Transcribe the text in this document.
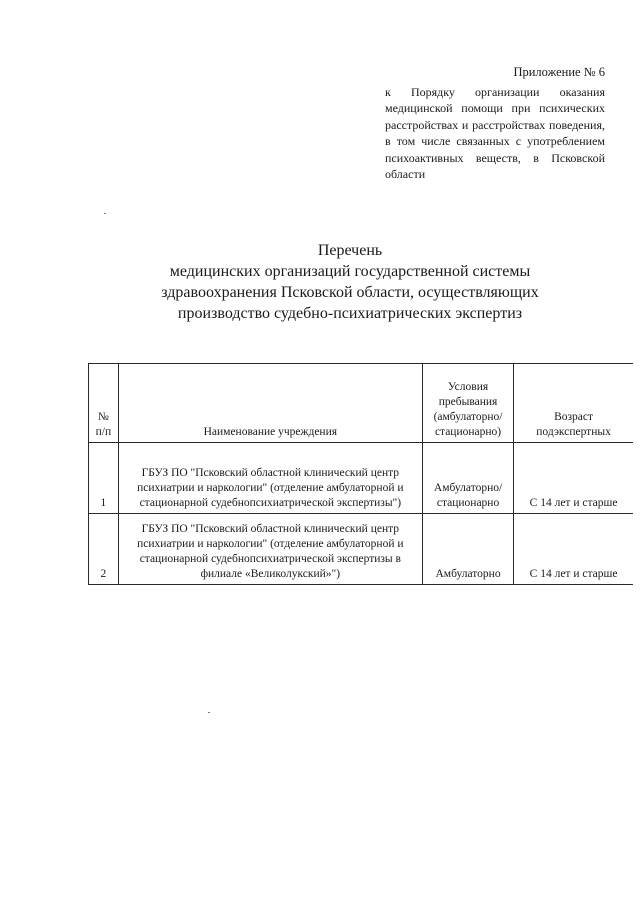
Приложение № 6
к Порядку организации оказания медицинской помощи при психических расстройствах и расстройствах поведения, в том числе связанных с употреблением психоактивных веществ, в Псковской области
Перечень
медицинских организаций государственной системы
здравоохранения Псковской области, осуществляющих
производство судебно-психиатрических экспертиз
№ п/п	Наименование учреждения	Условия пребывания (амбулаторно/ стационарно)	Возраст подэкспертных
1	ГБУЗ ПО "Псковский областной клинический центр психиатрии и наркологии" (отделение амбулаторной и стационарной судебнопсихиатрической экспертизы")	Амбулаторно/ стационарно	С 14 лет и старше
2	ГБУЗ ПО "Псковский областной клинический центр психиатрии и наркологии" (отделение амбулаторной и стационарной судебнопсихиатрической экспертизы в филиале «Великолукский»")	Амбулаторно	С 14 лет и старше
